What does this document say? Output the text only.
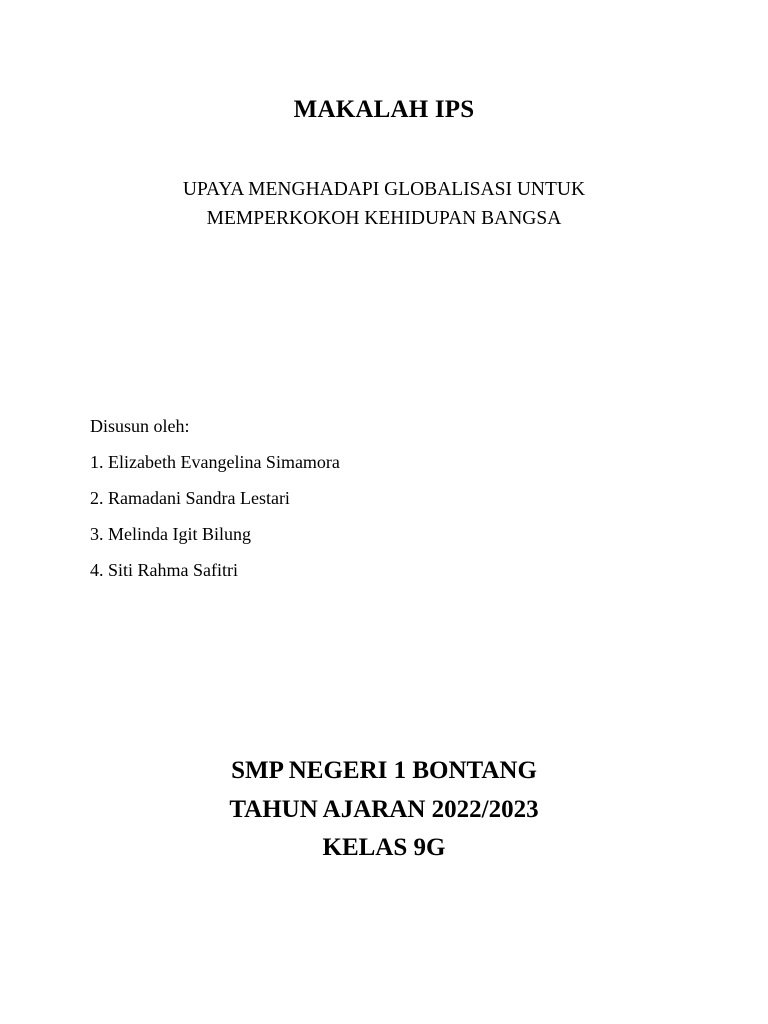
MAKALAH IPS
UPAYA MENGHADAPI GLOBALISASI UNTUK
MEMPERKOKOH KEHIDUPAN BANGSA
Disusun oleh:
1. Elizabeth Evangelina Simamora
2. Ramadani Sandra Lestari
3. Melinda Igit Bilung
4. Siti Rahma Safitri
SMP NEGERI 1 BONTANG
TAHUN AJARAN 2022/2023
KELAS 9G
